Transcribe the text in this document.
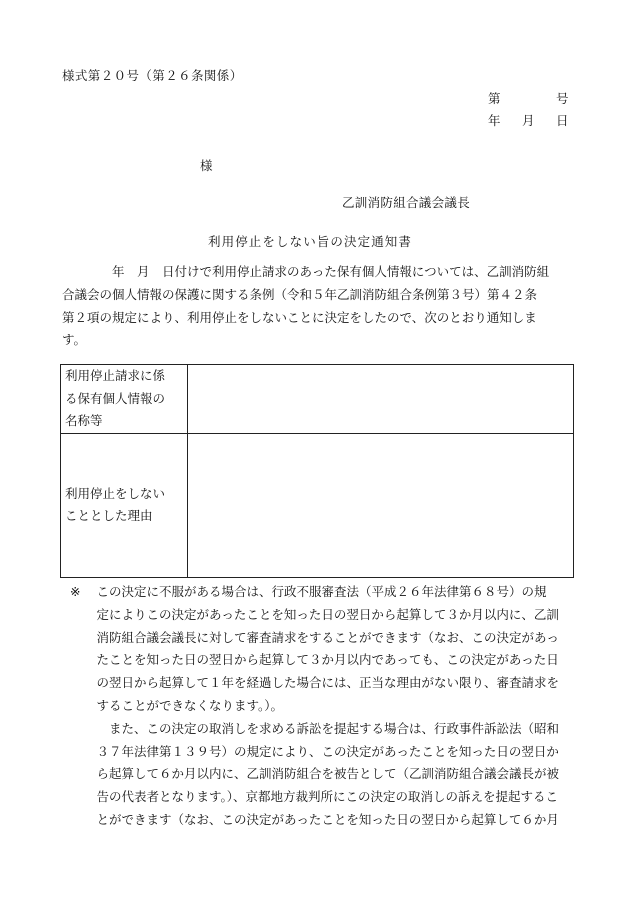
様式第２０号（第２６条関係）
第	号
年 月 日
様
乙訓消防組合議会議長
利用停止をしない旨の決定通知書
　　　　年　月　日付けで利用停止請求のあった保有個人情報については、乙訓消防組
合議会の個人情報の保護に関する条例（令和５年乙訓消防組合条例第３号）第４２条
第２項の規定により、利用停止をしないことに決定をしたので、次のとおり通知しま
す。
利用停止請求に係
る保有個人情報の
名称等	

利用停止をしない
こととした理由	

※ 　この決定に不服がある場合は、行政不服審査法（平成２６年法律第６８号）の規
　定によりこの決定があったことを知った日の翌日から起算して３か月以内に、乙訓
　消防組合議会議長に対して審査請求をすることができます（なお、この決定があっ
　たことを知った日の翌日から起算して３か月以内であっても、この決定があった日
　の翌日から起算して１年を経過した場合には、正当な理由がない限り、審査請求を
　することができなくなります。）。
　　また、この決定の取消しを求める訴訟を提起する場合は、行政事件訴訟法（昭和
　３７年法律第１３９号）の規定により、この決定があったことを知った日の翌日か
　ら起算して６か月以内に、乙訓消防組合を被告として（乙訓消防組合議会議長が被
　告の代表者となります。）、京都地方裁判所にこの決定の取消しの訴えを提起するこ
　とができます（なお、この決定があったことを知った日の翌日から起算して６か月
